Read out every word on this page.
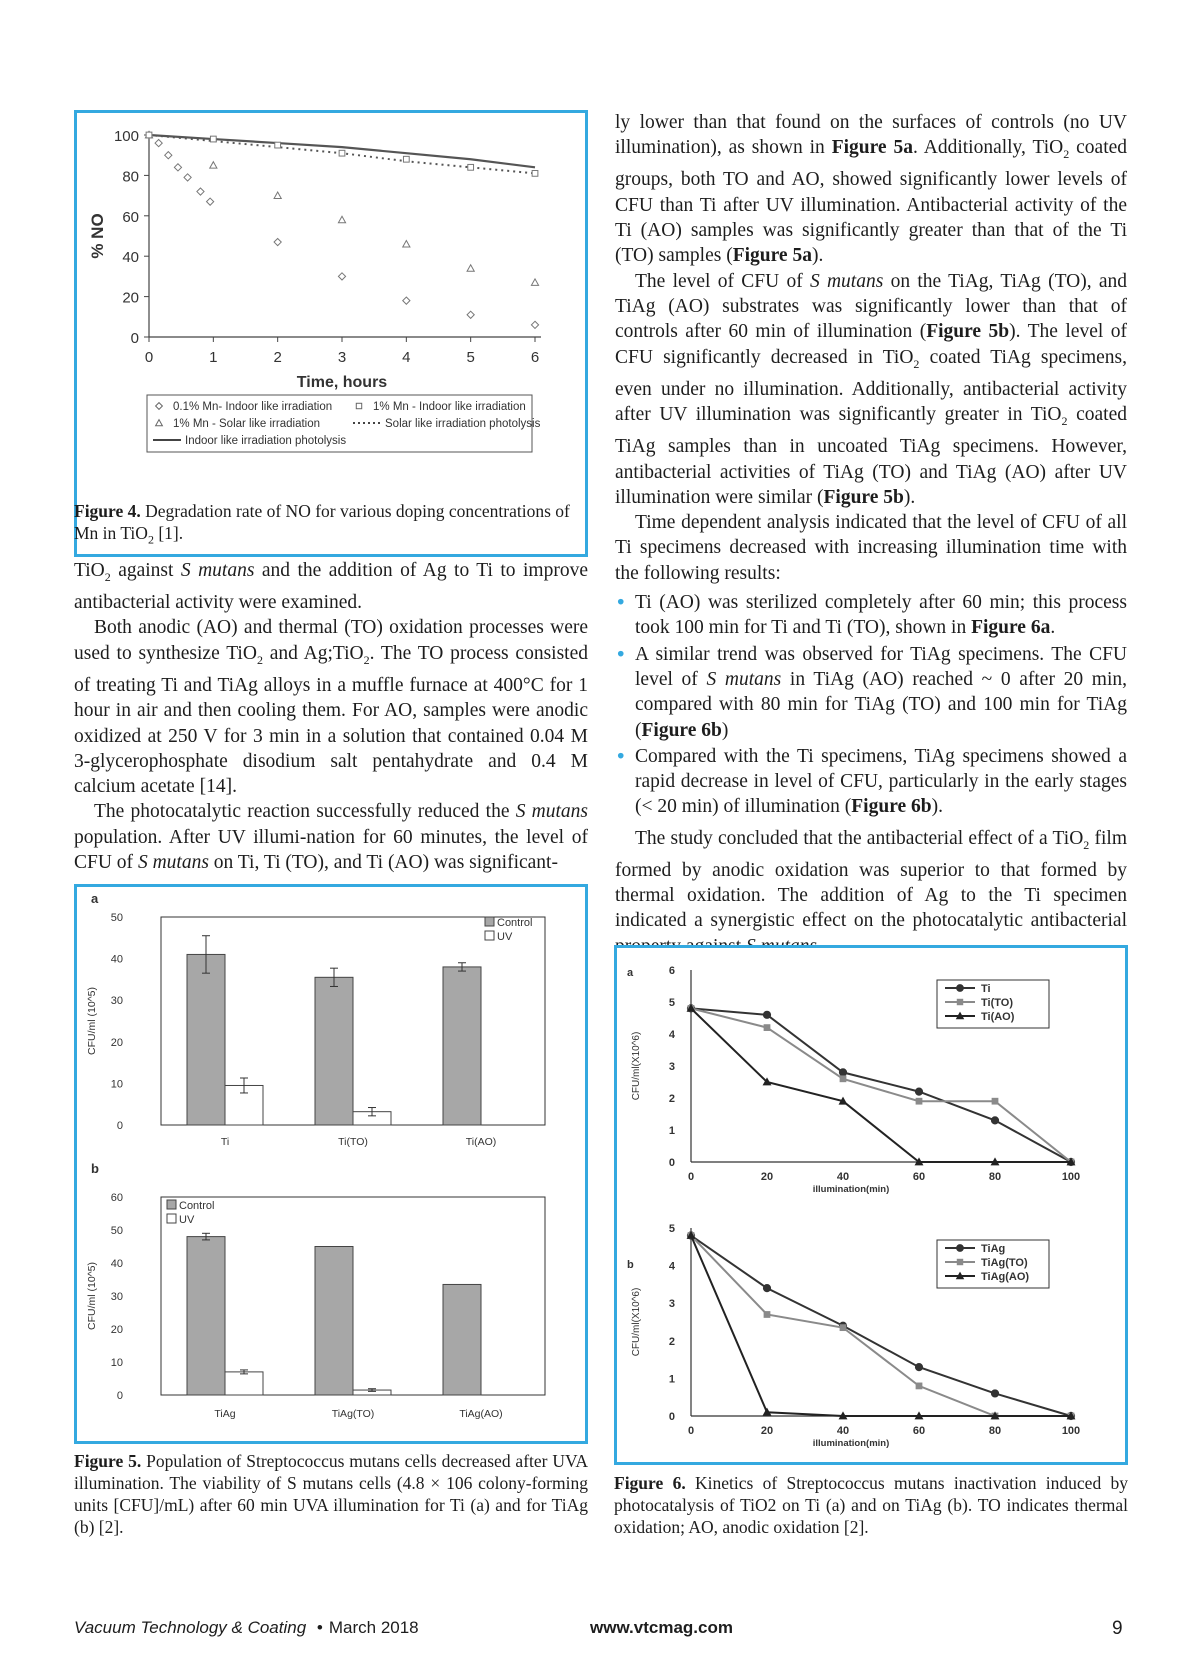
0
20
40
60
80
100
0	1	2	3	4	5	6
% NO
Time, hours
0.1% Mn- Indoor like irradiation	1% Mn - Indoor like irradiation
1% Mn - Solar like irradiation	Solar like irradiation photolysis
Indoor like irradiation photolysis
Figure 4. Degradation rate of NO for various doping concentrations of Mn in TiO$_2$ [1].

TiO$_2$ against S mutans and the addition of Ag to Ti to improve antibacterial activity were examined.

Both anodic (AO) and thermal (TO) oxidation processes were used to synthesize TiO$_2$ and Ag;TiO$_2$. The TO process consisted of treating Ti and TiAg alloys in a muffle furnace at 400°C for 1 hour in air and then cooling them. For AO, samples were anodic oxidized at 250 V for 3 min in a solution that contained 0.04 M 3-glycerophosphate disodium salt pentahydrate and 0.4 M calcium acetate [14].

The photocatalytic reaction successfully reduced the S mutans population. After UV illumi-nation for 60 minutes, the level of CFU of S mutans on Ti, Ti (TO), and Ti (AO) was significant-

a
0
10
20
30
40
50
CFU/ml (10^5)
Ti	Ti(TO)	Ti(AO)
Control
UV
b
0
10
20
30
40
50
60
CFU/ml (10^5)
TiAg	TiAg(TO)	TiAg(AO)
Control
UV
Figure 5. Population of Streptococcus mutans cells decreased after UVA illumination. The viability of S mutans cells (4.8 × 106 colony-forming units [CFU]/mL) after 60 min UVA illumination for Ti (a) and for TiAg (b) [2].

ly lower than that found on the surfaces of controls (no UV illumination), as shown in Figure 5a. Additionally, TiO$_2$ coated groups, both TO and AO, showed significantly lower levels of CFU than Ti after UV illumination. Antibacterial activity of the Ti (AO) samples was significantly greater than that of the Ti (TO) samples (Figure 5a).

The level of CFU of S mutans on the TiAg, TiAg (TO), and TiAg (AO) substrates was significantly lower than that of controls after 60 min of illumination (Figure 5b). The level of CFU significantly decreased in TiO$_2$ coated TiAg specimens, even under no illumination. Additionally, antibacterial activity after UV illumination was significantly greater in TiO$_2$ coated TiAg samples than in uncoated TiAg specimens. However, antibacterial activities of TiAg (TO) and TiAg (AO) after UV illumination were similar (Figure 5b).

Time dependent analysis indicated that the level of CFU of all Ti specimens decreased with increasing illumination time with the following results:

• Ti (AO) was sterilized completely after 60 min; this process took 100 min for Ti and Ti (TO), shown in Figure 6a.
• A similar trend was observed for TiAg specimens. The CFU level of S mutans in TiAg (AO) reached ~ 0 after 20 min, compared with 80 min for TiAg (TO) and 100 min for TiAg (Figure 6b)
• Compared with the Ti specimens, TiAg specimens showed a rapid decrease in level of CFU, particularly in the early stages (< 20 min) of illumination (Figure 6b).

The study concluded that the antibacterial effect of a TiO$_2$ film formed by anodic oxidation was superior to that formed by thermal oxidation. The addition of Ag to the Ti specimen indicated a synergistic effect on the photocatalytic antibacterial

a
0
1
2
3
4
5
6
0	20	40	60	80	100
illumination(min)
CFU/ml(X10^6)
Ti
Ti(TO)
Ti(AO)
b
0
1
2
3
4
5
0	20	40	60	80	100
illumination(min)
CFU/ml(X10^6)
TiAg
TiAg(TO)
TiAg(AO)
Figure 6. Kinetics of Streptococcus mutans inactivation induced by photocatalysis of TiO2 on Ti (a) and on TiAg (b). TO indicates thermal oxidation; AO, anodic oxidation [2].
Vacuum Technology & Coating • March 2018	www.vtcmag.com	9
